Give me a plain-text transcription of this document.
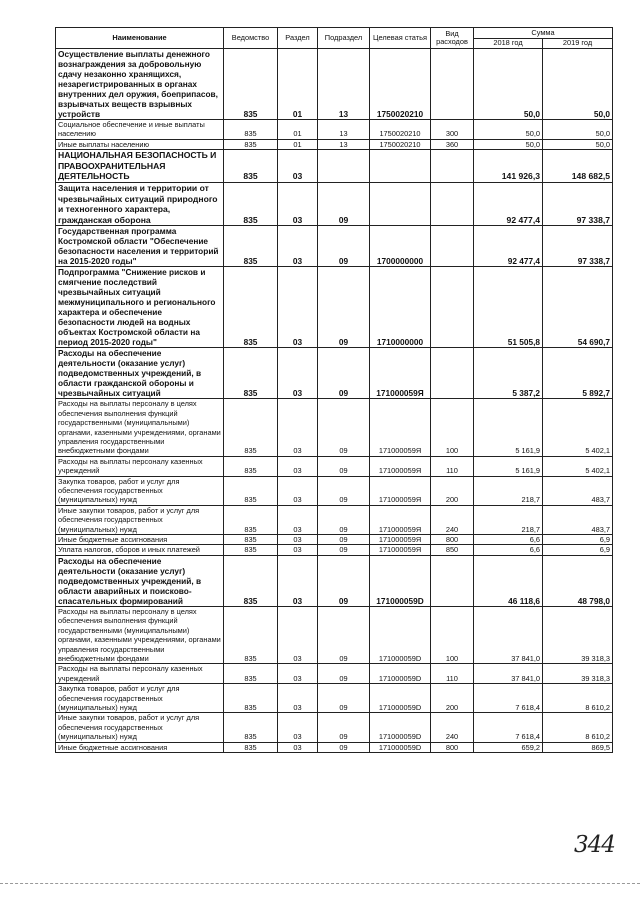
Наименование	Ведомство	Раздел	Подраздел	Целевая статья	Вид расходов	Сумма	
						2018 год	2019 год
Осуществление выплаты денежного вознаграждения за добровольную сдачу незаконно хранящихся, незарегистрированных в органах внутренних дел оружия, боеприпасов, взрывчатых веществ взрывных устройств	835	01	13	1750020210		50,0	50,0
Социальное обеспечение и иные выплаты населению	835	01	13	1750020210	300	50,0	50,0
Иные выплаты населению	835	01	13	1750020210	360	50,0	50,0
НАЦИОНАЛЬНАЯ БЕЗОПАСНОСТЬ И ПРАВООХРАНИТЕЛЬНАЯ ДЕЯТЕЛЬНОСТЬ	835	03				141 926,3	148 682,5
Защита населения и территории от чрезвычайных ситуаций природного и техногенного характера, гражданская оборона	835	03	09			92 477,4	97 338,7
Государственная программа Костромской области "Обеспечение безопасности населения и территорий на 2015-2020 годы"	835	03	09	1700000000		92 477,4	97 338,7
Подпрограмма "Снижение рисков и смягчение последствий чрезвычайных ситуаций межмуниципального и регионального характера и обеспечение безопасности людей на водных объектах Костромской области на период 2015-2020 годы"	835	03	09	1710000000		51 505,8	54 690,7
Расходы на обеспечение деятельности (оказание услуг) подведомственных учреждений, в области гражданской обороны и чрезвычайных ситуаций	835	03	09	171000059Я		5 387,2	5 892,7
Расходы на выплаты персоналу в целях обеспечения выполнения функций государственными (муниципальными) органами, казенными учреждениями, органами управления государственными внебюджетными фондами	835	03	09	171000059Я	100	5 161,9	5 402,1
Расходы на выплаты персоналу казенных учреждений	835	03	09	171000059Я	110	5 161,9	5 402,1
Закупка товаров, работ и услуг для обеспечения государственных (муниципальных) нужд	835	03	09	171000059Я	200	218,7	483,7
Иные закупки товаров, работ и услуг для обеспечения государственных (муниципальных) нужд	835	03	09	171000059Я	240	218,7	483,7
Иные бюджетные ассигнования	835	03	09	171000059Я	800	6,6	6,9
Уплата налогов, сборов и иных платежей	835	03	09	171000059Я	850	6,6	6,9
Расходы на обеспечение деятельности (оказание услуг) подведомственных учреждений, в области аварийных и поисково-спасательных формирований	835	03	09	171000059D		46 118,6	48 798,0
Расходы на выплаты персоналу в целях обеспечения выполнения функций государственными (муниципальными) органами, казенными учреждениями, органами управления государственными внебюджетными фондами	835	03	09	171000059D	100	37 841,0	39 318,3
Расходы на выплаты персоналу казенных учреждений	835	03	09	171000059D	110	37 841,0	39 318,3
Закупка товаров, работ и услуг для обеспечения государственных (муниципальных) нужд	835	03	09	171000059D	200	7 618,4	8 610,2
Иные закупки товаров, работ и услуг для обеспечения государственных (муниципальных) нужд	835	03	09	171000059D	240	7 618,4	8 610,2
Иные бюджетные ассигнования	835	03	09	171000059D	800	659,2	869,5
344
